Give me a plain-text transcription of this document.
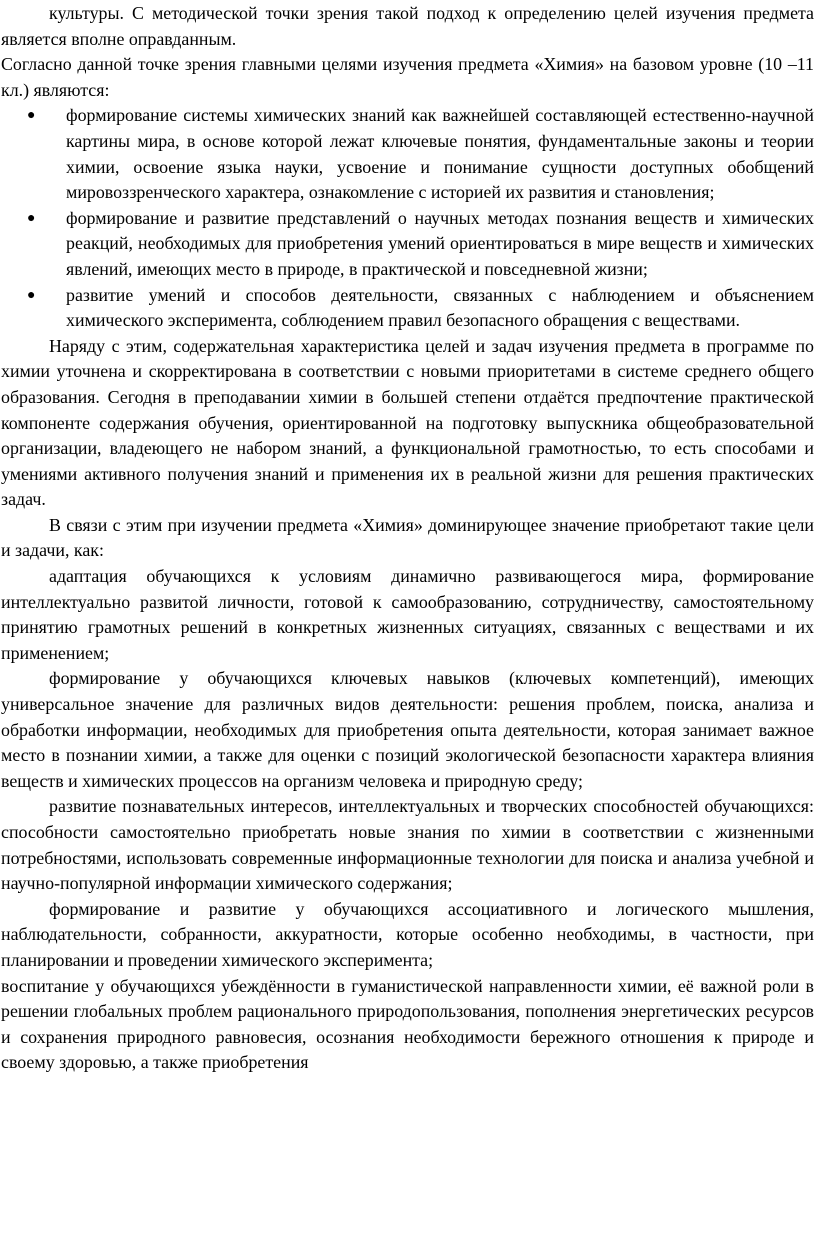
культуры. С методической точки зрения такой подход к определению целей изучения предмета является вполне оправданным.

Согласно данной точке зрения главными целями изучения предмета «Химия» на базовом уровне (10 –11 кл.) являются:

● формирование системы химических знаний как важнейшей составляющей естественно-научной картины мира, в основе которой лежат ключевые понятия, фундаментальные законы и теории химии, освоение языка науки, усвоение и понимание сущности доступных обобщений мировоззренческого характера, ознакомление с историей их развития и становления;
● формирование и развитие представлений о научных методах познания веществ и химических реакций, необходимых для приобретения умений ориентироваться в мире веществ и химических явлений, имеющих место в природе, в практической и повседневной жизни;
● развитие умений и способов деятельности, связанных с наблюдением и объяснением химического эксперимента, соблюдением правил безопасного обращения с веществами.

Наряду с этим, содержательная характеристика целей и задач изучения предмета в программе по химии уточнена и скорректирована в соответствии с новыми приоритетами в системе среднего общего образования. Сегодня в преподавании химии в большей степени отдаётся предпочтение практической компоненте содержания обучения, ориентированной на подготовку выпускника общеобразовательной организации, владеющего не набором знаний, а функциональной грамотностью, то есть способами и умениями активного получения знаний и применения их в реальной жизни для решения практических задач.

В связи с этим при изучении предмета «Химия» доминирующее значение приобретают такие цели и задачи, как:

адаптация обучающихся к условиям динамично развивающегося мира, формирование интеллектуально развитой личности, готовой к самообразованию, сотрудничеству, самостоятельному принятию грамотных решений в конкретных жизненных ситуациях, связанных с веществами и их применением;

формирование у обучающихся ключевых навыков (ключевых компетенций), имеющих универсальное значение для различных видов деятельности: решения проблем, поиска, анализа и обработки информации, необходимых для приобретения опыта деятельности, которая занимает важное место в познании химии, а также для оценки с позиций экологической безопасности характера влияния веществ и химических процессов на организм человека и природную среду;

развитие познавательных интересов, интеллектуальных и творческих способностей обучающихся: способности самостоятельно приобретать новые знания по химии в соответствии с жизненными потребностями, использовать современные информационные технологии для поиска и анализа учебной и научно-популярной информации химического содержания;

формирование и развитие у обучающихся ассоциативного и логического мышления, наблюдательности, собранности, аккуратности, которые особенно необходимы, в частности, при планировании и проведении химического эксперимента;

воспитание у обучающихся убеждённости в гуманистической направленности химии, её важной роли в решении глобальных проблем рационального природопользования, пополнения энергетических ресурсов и сохранения природного равновесия, осознания необходимости бережного отношения к природе и своему здоровью, а также приобретения
